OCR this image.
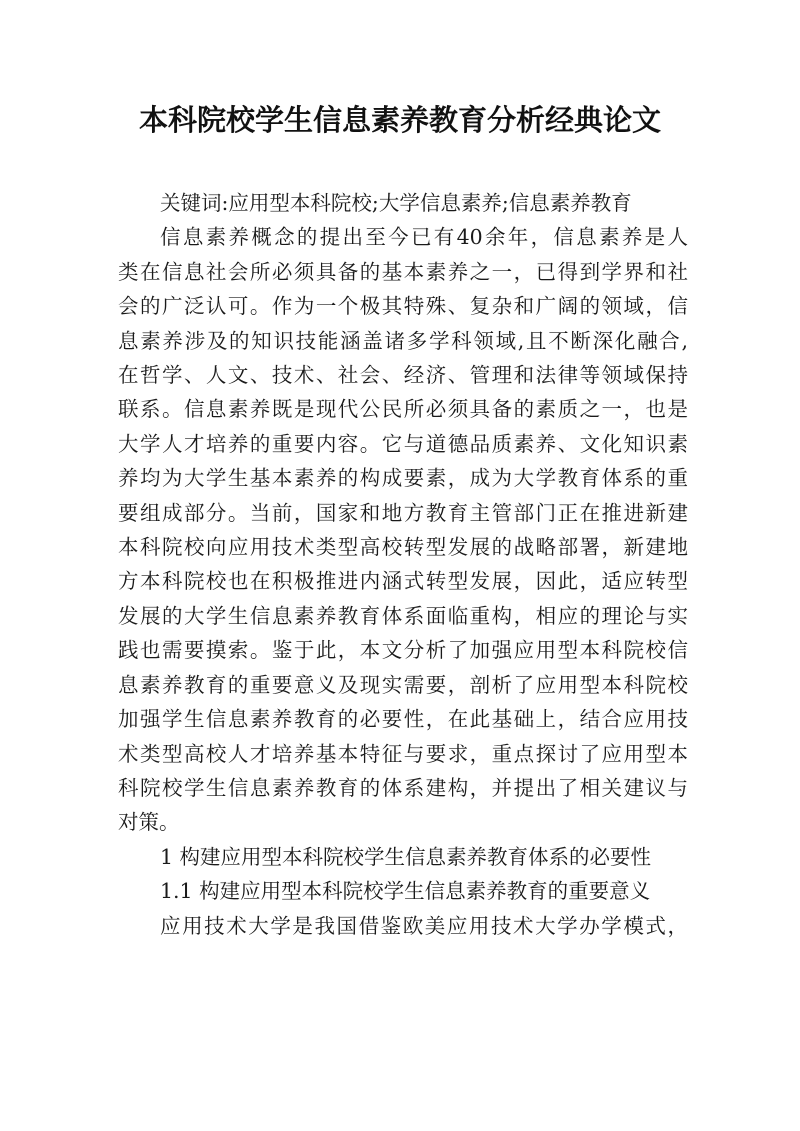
本科院校学生信息素养教育分析经典论文

关键词:应用型本科院校;大学信息素养;信息素养教育

信息素养概念的提出至今已有40余年，信息素养是人
类在信息社会所必须具备的基本素养之一，已得到学界和社
会的广泛认可。作为一个极其特殊、复杂和广阔的领域，信
息素养涉及的知识技能涵盖诸多学科领域,且不断深化融合,
在哲学、人文、技术、社会、经济、管理和法律等领域保持
联系。信息素养既是现代公民所必须具备的素质之一，也是
大学人才培养的重要内容。它与道德品质素养、文化知识素
养均为大学生基本素养的构成要素，成为大学教育体系的重
要组成部分。当前，国家和地方教育主管部门正在推进新建
本科院校向应用技术类型高校转型发展的战略部署，新建地
方本科院校也在积极推进内涵式转型发展，因此，适应转型
发展的大学生信息素养教育体系面临重构，相应的理论与实
践也需要摸索。鉴于此，本文分析了加强应用型本科院校信
息素养教育的重要意义及现实需要，剖析了应用型本科院校
加强学生信息素养教育的必要性，在此基础上，结合应用技
术类型高校人才培养基本特征与要求，重点探讨了应用型本
科院校学生信息素养教育的体系建构，并提出了相关建议与
对策。

1 构建应用型本科院校学生信息素养教育体系的必要性

1.1 构建应用型本科院校学生信息素养教育的重要意义

应用技术大学是我国借鉴欧美应用技术大学办学模式，
